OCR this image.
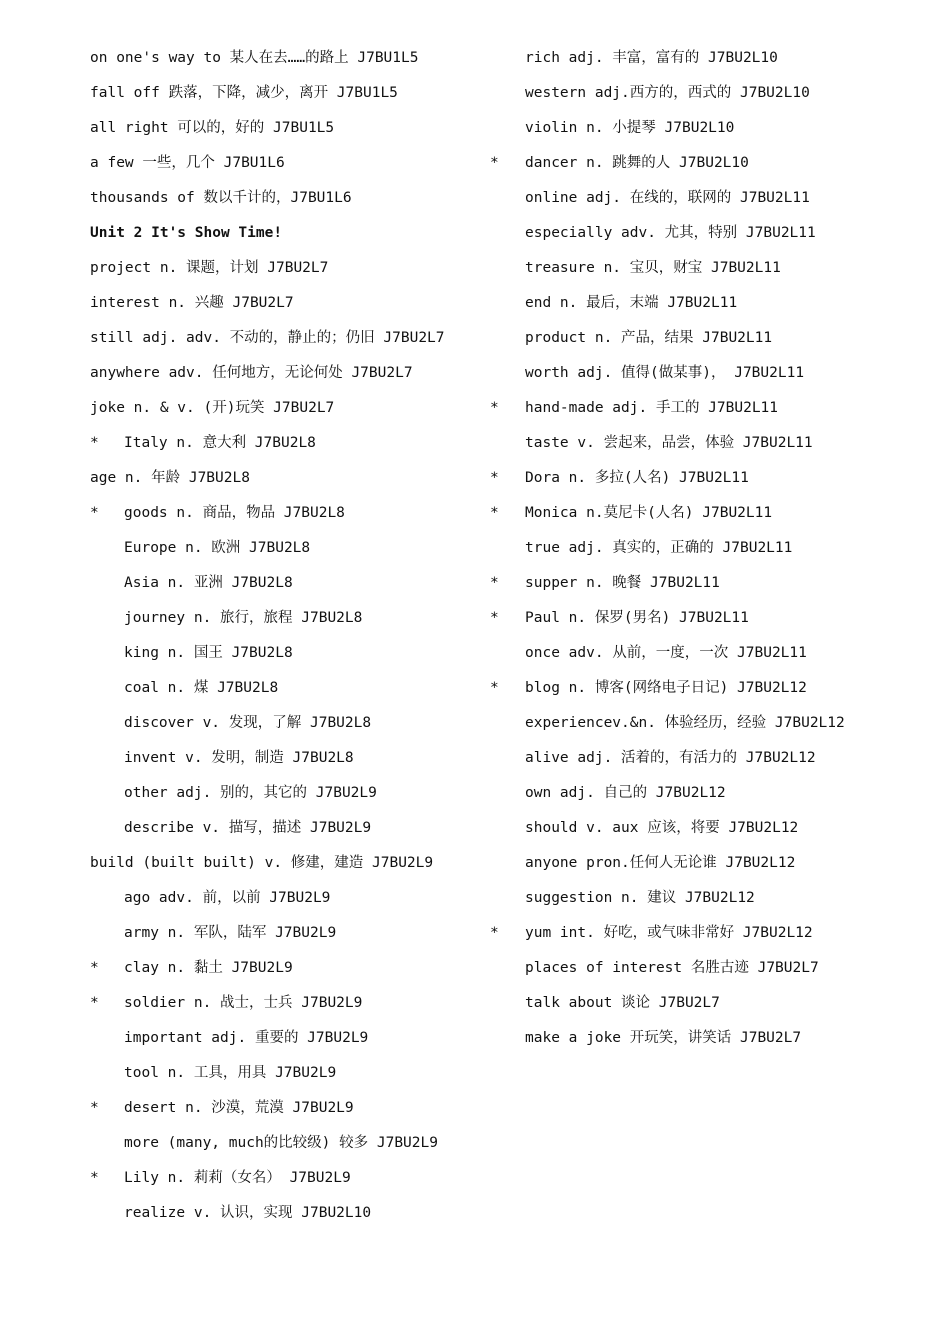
on one's way to 某人在去……的路上 J7BU1L5
fall off 跌落，下降，减少，离开 J7BU1L5
all right 可以的，好的 J7BU1L5
a few 一些，几个 J7BU1L6
thousands of 数以千计的，J7BU1L6
Unit 2 It's Show Time!
project n. 课题，计划 J7BU2L7
interest n. 兴趣 J7BU2L7
still adj. adv. 不动的，静止的；仍旧 J7BU2L7
anywhere adv. 任何地方，无论何处 J7BU2L7
joke n. & v. (开)玩笑 J7BU2L7
* Italy n. 意大利 J7BU2L8
age n. 年龄 J7BU2L8
* goods n. 商品，物品 J7BU2L8
Europe n. 欧洲 J7BU2L8
Asia n. 亚洲 J7BU2L8
journey n. 旅行，旅程 J7BU2L8
king n. 国王 J7BU2L8
coal n. 煤 J7BU2L8
discover v. 发现，了解 J7BU2L8
invent v. 发明，制造 J7BU2L8
other adj. 别的，其它的 J7BU2L9
describe v. 描写，描述 J7BU2L9
build (built built) v. 修建，建造 J7BU2L9
ago adv. 前，以前 J7BU2L9
army n. 军队，陆军 J7BU2L9
* clay n. 黏土 J7BU2L9
* soldier n. 战士，士兵 J7BU2L9
important adj. 重要的 J7BU2L9
tool n. 工具，用具 J7BU2L9
* desert n. 沙漠，荒漠 J7BU2L9
more (many, much的比较级) 较多 J7BU2L9
* Lily n. 莉莉（女名） J7BU2L9
realize v. 认识，实现 J7BU2L10
rich adj. 丰富，富有的 J7BU2L10
western adj.西方的，西式的 J7BU2L10
violin n. 小提琴 J7BU2L10
* dancer n. 跳舞的人 J7BU2L10
online adj. 在线的，联网的 J7BU2L11
especially adv. 尤其，特别 J7BU2L11
treasure n. 宝贝，财宝 J7BU2L11
end n. 最后，末端 J7BU2L11
product n. 产品，结果 J7BU2L11
worth adj. 值得(做某事)， J7BU2L11
* hand-made adj. 手工的 J7BU2L11
taste v. 尝起来，品尝，体验 J7BU2L11
* Dora n. 多拉(人名) J7BU2L11
* Monica n.莫尼卡(人名) J7BU2L11
true adj. 真实的，正确的 J7BU2L11
* supper n. 晚餐 J7BU2L11
* Paul n. 保罗(男名) J7BU2L11
once adv. 从前，一度，一次 J7BU2L11
* blog n. 博客(网络电子日记) J7BU2L12
experiencev.&n. 体验经历，经验 J7BU2L12
alive adj. 活着的，有活力的 J7BU2L12
own adj. 自己的 J7BU2L12
should v. aux 应该，将要 J7BU2L12
anyone pron.任何人无论谁 J7BU2L12
suggestion n. 建议 J7BU2L12
* yum int. 好吃，或气味非常好 J7BU2L12
places of interest 名胜古迹 J7BU2L7
talk about 谈论 J7BU2L7
make a joke 开玩笑，讲笑话 J7BU2L7
